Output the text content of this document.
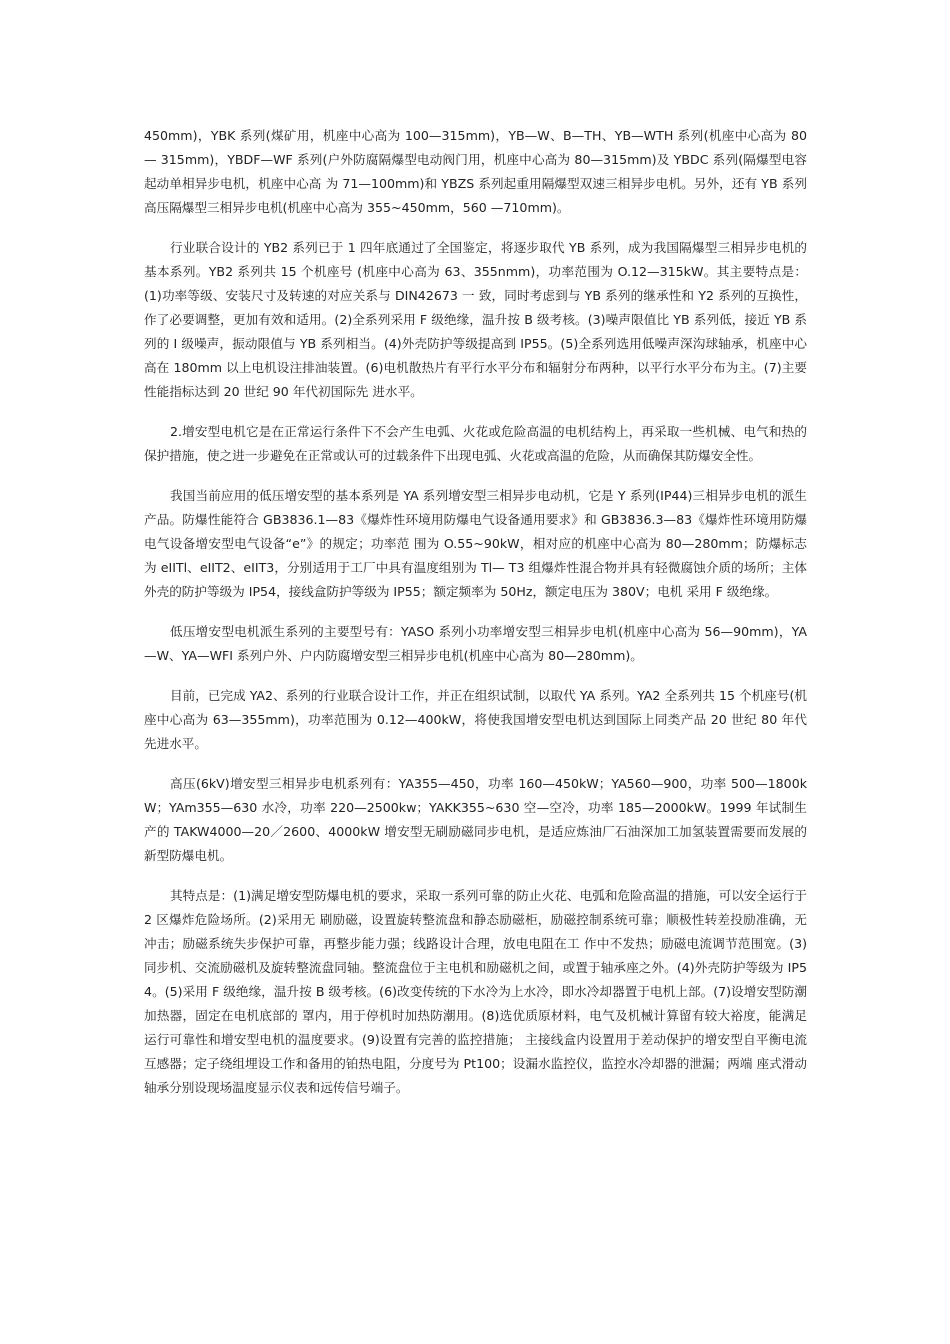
450mm)，YBK 系列(煤矿用，机座中心高为 100—315mm)，YB—W、B—TH、YB—WTH 系列(机座中心高为 80— 315mm)，YBDF—WF 系列(户外防腐隔爆型电动阀门用，机座中心高为 80—315mm)及 YBDC 系列(隔爆型电容起动单相异步电机，机座中心高 为 71—100mm)和 YBZS 系列起重用隔爆型双速三相异步电机。另外，还有 YB 系列高压隔爆型三相异步电机(机座中心高为 355~450mm，560 —710mm)。

行业联合设计的 YB2 系列已于 1 四年底通过了全国鉴定，将逐步取代 YB 系列，成为我国隔爆型三相异步电机的基本系列。YB2 系列共 15 个机座号 (机座中心高为 63、355nmm)，功率范围为 O.12—315kW。其主要特点是：(1)功率等级、安装尺寸及转速的对应关系与 DIN42673 一 致，同时考虑到与 YB 系列的继承性和 Y2 系列的互换性，作了必要调整，更加有效和适用。(2)全系列采用 F 级绝缘，温升按 B 级考核。(3)噪声限值比 YB 系列低，接近 YB 系列的 I 级噪声，振动限值与 YB 系列相当。(4)外壳防护等级提高到 IP55。(5)全系列选用低噪声深沟球轴承，机座中心高在 180mm 以上电机设注排油装置。(6)电机散热片有平行水平分布和辐射分布两种，以平行水平分布为主。(7)主要性能指标达到 20 世纪 90 年代初国际先 进水平。

2.增安型电机它是在正常运行条件下不会产生电弧、火花或危险高温的电机结构上，再采取一些机械、电气和热的保护措施，使之进一步避免在正常或认可的过载条件下出现电弧、火花或高温的危险，从而确保其防爆安全性。

我国当前应用的低压增安型的基本系列是 YA 系列增安型三相异步电动机，它是 Y 系列(IP44)三相异步电机的派生产品。防爆性能符合 GB3836.1—83《爆炸性环境用防爆电气设备通用要求》和 GB3836.3—83《爆炸性环境用防爆电气设备增安型电气设备“e”》的规定；功率范 围为 O.55~90kW，相对应的机座中心高为 80—280mm；防爆标志为 eIITl、eIIT2、eIIT3，分别适用于工厂中具有温度组别为 Tl— T3 组爆炸性混合物并具有轻微腐蚀介质的场所；主体外壳的防护等级为 IP54，接线盒防护等级为 IP55；额定频率为 50Hz，额定电压为 380V；电机 采用 F 级绝缘。

低压增安型电机派生系列的主要型号有：YASO 系列小功率增安型三相异步电机(机座中心高为 56—90mm)，YA—W、YA—WFI 系列户外、户内防腐增安型三相异步电机(机座中心高为 80—280mm)。

目前，已完成 YA2、系列的行业联合设计工作，并正在组织试制，以取代 YA 系列。YA2 全系列共 15 个机座号(机座中心高为 63—355mm)，功率范围为 0.12—400kW，将使我国增安型电机达到国际上同类产品 20 世纪 80 年代先进水平。

高压(6kV)增安型三相异步电机系列有：YA355—450，功率 160—450kW；YA560—900，功率 500—1800kW；YAm355—630 水冷，功率 220—2500kw；YAKK355~630 空—空冷，功率 185—2000kW。1999 年试制生产的 TAKW4000—20／2600、4000kW 增安型无刷励磁同步电机，是适应炼油厂石油深加工加氢装置需要而发展的新型防爆电机。

其特点是：(1)满足增安型防爆电机的要求，采取一系列可靠的防止火花、电弧和危险高温的措施，可以安全运行于 2 区爆炸危险场所。(2)采用无 刷励磁，设置旋转整流盘和静态励磁柜，励磁控制系统可靠；顺极性转差投励准确，无冲击；励磁系统失步保护可靠，再整步能力强；线路设计合理，放电电阻在工 作中不发热；励磁电流调节范围宽。(3)同步机、交流励磁机及旋转整流盘同轴。整流盘位于主电机和励磁机之间，或置于轴承座之外。(4)外壳防护等级为 IP54。(5)采用 F 级绝缘，温升按 B 级考核。(6)改变传统的下水冷为上水冷，即水冷却器置于电机上部。(7)设增安型防潮加热器，固定在电机底部的 罩内，用于停机时加热防潮用。(8)选优质原材料，电气及机械计算留有较大裕度，能满足运行可靠性和增安型电机的温度要求。(9)设置有完善的监控措施； 主接线盒内设置用于差动保护的增安型自平衡电流互感器；定子绕组埋设工作和备用的铂热电阻，分度号为 Pt100；设漏水监控仪，监控水冷却器的泄漏；两端 座式滑动轴承分别设现场温度显示仪表和远传信号端子。
